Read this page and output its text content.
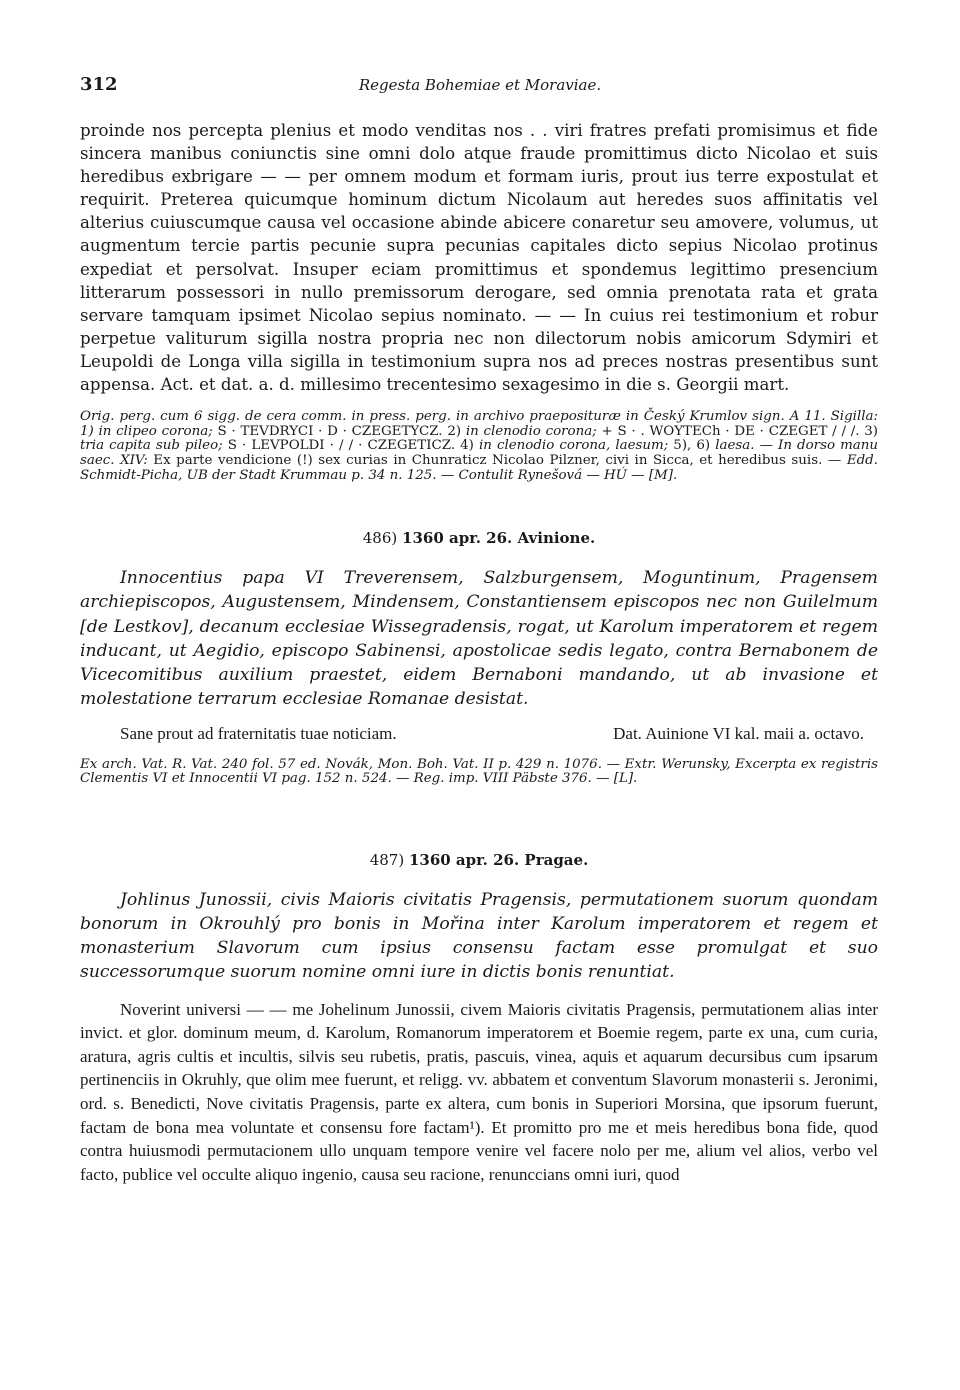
312	Regesta Bohemiae et Moraviae.

proinde nos percepta plenius et modo venditas nos . . viri fratres prefati promisimus et fide sincera manibus coniunctis sine omni dolo atque fraude promittimus dicto Nicolao et suis heredibus exbrigare — — per omnem modum et formam iuris, prout ius terre expostulat et requirit. Preterea quicumque hominum dictum Nicolaum aut heredes suos affinitatis vel alterius cuiuscumque causa vel occasione abinde abicere conaretur seu amovere, volumus, ut augmentum tercie partis pecunie supra pecunias capitales dicto sepius Nicolao protinus expediat et persolvat. Insuper eciam promittimus et spondemus legittimo presencium litterarum possessori in nullo premissorum derogare, sed omnia prenotata rata et grata servare tamquam ipsimet Nicolao sepius nominato. — — In cuius rei testimonium et robur perpetue valiturum sigilla nostra propria nec non dilectorum nobis amicorum Sdymiri et Leupoldi de Longa villa sigilla in testimonium supra nos ad preces nostras presentibus sunt appensa. Act. et dat. a. d. millesimo trecentesimo sexagesimo in die s. Georgii mart.

Orig. perg. cum 6 sigg. de cera comm. in press. perg. in archivo praeposituræ in Český Krumlov sign. A 11. Sigilla: 1) in clipeo corona; S · TEVDRYCI · D · CZEGETYCZ. 2) in clenodio corona; + S · . WOYTECh · DE · CZEGET / / /. 3) tria capita sub pileo; S · LEVPOLDI · / / · CZEGETICZ. 4) in clenodio corona, laesum; 5), 6) laesa. — In dorso manu saec. XIV: Ex parte vendicione (!) sex curias in Chunraticz Nicolao Pilzner, civi in Sicca, et heredibus suis. — Edd. Schmidt-Picha, UB der Stadt Krummau p. 34 n. 125. — Contulit Rynešová — HÚ — [M].

486) 1360 apr. 26. Avinione.

Innocentius papa VI Treverensem, Salzburgensem, Moguntinum, Pragensem archiepiscopos, Augustensem, Mindensem, Constantiensem episcopos nec non Guilelmum [de Lestkov], decanum ecclesiae Wissegradensis, rogat, ut Karolum imperatorem et regem inducant, ut Aegidio, episcopo Sabinensi, apostolicae sedis legato, contra Bernabonem de Vicecomitibus auxilium praestet, eidem Bernaboni mandando, ut ab invasione et molestatione terrarum ecclesiae Romanae desistat.

Sane prout ad fraternitatis tuae noticiam.	Dat. Auinione VI kal. maii a. octavo.

Ex arch. Vat. R. Vat. 240 fol. 57 ed. Novák, Mon. Boh. Vat. II p. 429 n. 1076. — Extr. Werunsky, Excerpta ex registris Clementis VI et Innocentii VI pag. 152 n. 524. — Reg. imp. VIII Päbste 376. — [L].

487) 1360 apr. 26. Pragae.

Johlinus Junossii, civis Maioris civitatis Pragensis, permutationem suorum quondam bonorum in Okrouhlý pro bonis in Mořina inter Karolum imperatorem et regem et monasterium Slavorum cum ipsius consensu factam esse promulgat et suo successorumque suorum nomine omni iure in dictis bonis renuntiat.

Noverint universi — — me Johelinum Junossii, civem Maioris civitatis Pragensis, permutationem alias inter invict. et glor. dominum meum, d. Karolum, Romanorum imperatorem et Boemie regem, parte ex una, cum curia, aratura, agris cultis et incultis, silvis seu rubetis, pratis, pascuis, vinea, aquis et aquarum decursibus cum ipsarum pertinenciis in Okruhly, que olim mee fuerunt, et religg. vv. abbatem et conventum Slavorum monasterii s. Jeronimi, ord. s. Benedicti, Nove civitatis Pragensis, parte ex altera, cum bonis in Superiori Morsina, que ipsorum fuerunt, factam de bona mea voluntate et consensu fore factam¹). Et promitto pro me et meis heredibus bona fide, quod contra huiusmodi permutacionem ullo unquam tempore venire vel facere nolo per me, alium vel alios, verbo vel facto, publice vel occulte aliquo ingenio, causa seu racione, renunccians omni iuri, quod
